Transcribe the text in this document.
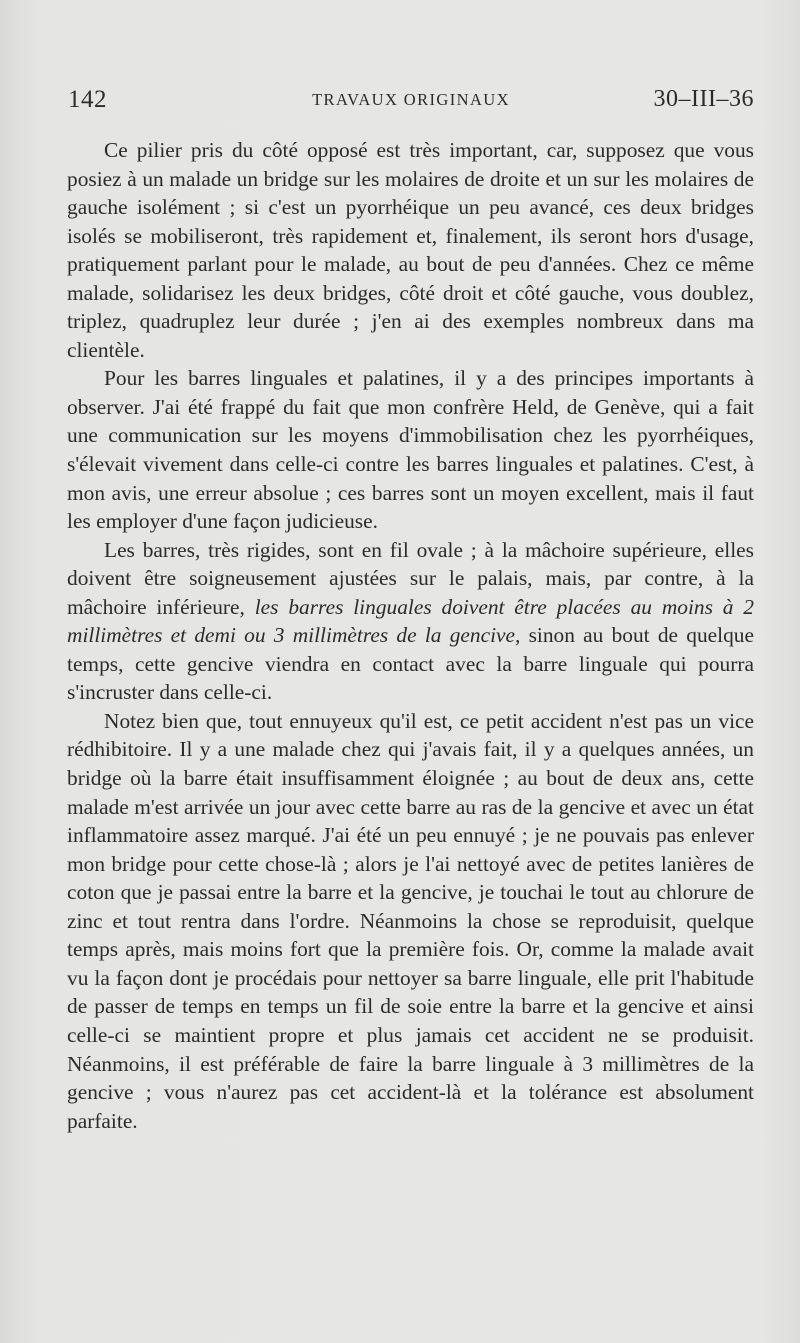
142	TRAVAUX ORIGINAUX	30–III–36

Ce pilier pris du côté opposé est très important, car, supposez que vous posiez à un malade un bridge sur les molaires de droite et un sur les molaires de gauche isolément ; si c'est un pyorrhéique un peu avancé, ces deux bridges isolés se mobiliseront, très rapidement et, finalement, ils seront hors d'usage, pratiquement parlant pour le malade, au bout de peu d'années. Chez ce même malade, solidarisez les deux bridges, côté droit et côté gauche, vous doublez, triplez, quadruplez leur durée ; j'en ai des exemples nombreux dans ma clientèle.

Pour les barres linguales et palatines, il y a des principes importants à observer. J'ai été frappé du fait que mon confrère Held, de Genève, qui a fait une communication sur les moyens d'immobilisation chez les pyorrhéiques, s'élevait vivement dans celle-ci contre les barres linguales et palatines. C'est, à mon avis, une erreur absolue ; ces barres sont un moyen excellent, mais il faut les employer d'une façon judicieuse.

Les barres, très rigides, sont en fil ovale ; à la mâchoire supérieure, elles doivent être soigneusement ajustées sur le palais, mais, par contre, à la mâchoire inférieure, les barres linguales doivent être placées au moins à 2 millimètres et demi ou 3 millimètres de la gencive, sinon au bout de quelque temps, cette gencive viendra en contact avec la barre linguale qui pourra s'incruster dans celle-ci.

Notez bien que, tout ennuyeux qu'il est, ce petit accident n'est pas un vice rédhibitoire. Il y a une malade chez qui j'avais fait, il y a quelques années, un bridge où la barre était insuffisamment éloignée ; au bout de deux ans, cette malade m'est arrivée un jour avec cette barre au ras de la gencive et avec un état inflammatoire assez marqué. J'ai été un peu ennuyé ; je ne pouvais pas enlever mon bridge pour cette chose-là ; alors je l'ai nettoyé avec de petites lanières de coton que je passai entre la barre et la gencive, je touchai le tout au chlorure de zinc et tout rentra dans l'ordre. Néanmoins la chose se reproduisit, quelque temps après, mais moins fort que la première fois. Or, comme la malade avait vu la façon dont je procédais pour nettoyer sa barre linguale, elle prit l'habitude de passer de temps en temps un fil de soie entre la barre et la gencive et ainsi celle-ci se maintient propre et plus jamais cet accident ne se produisit. Néanmoins, il est préférable de faire la barre linguale à 3 millimètres de la gencive ; vous n'aurez pas cet accident-là et la tolérance est absolument parfaite.
